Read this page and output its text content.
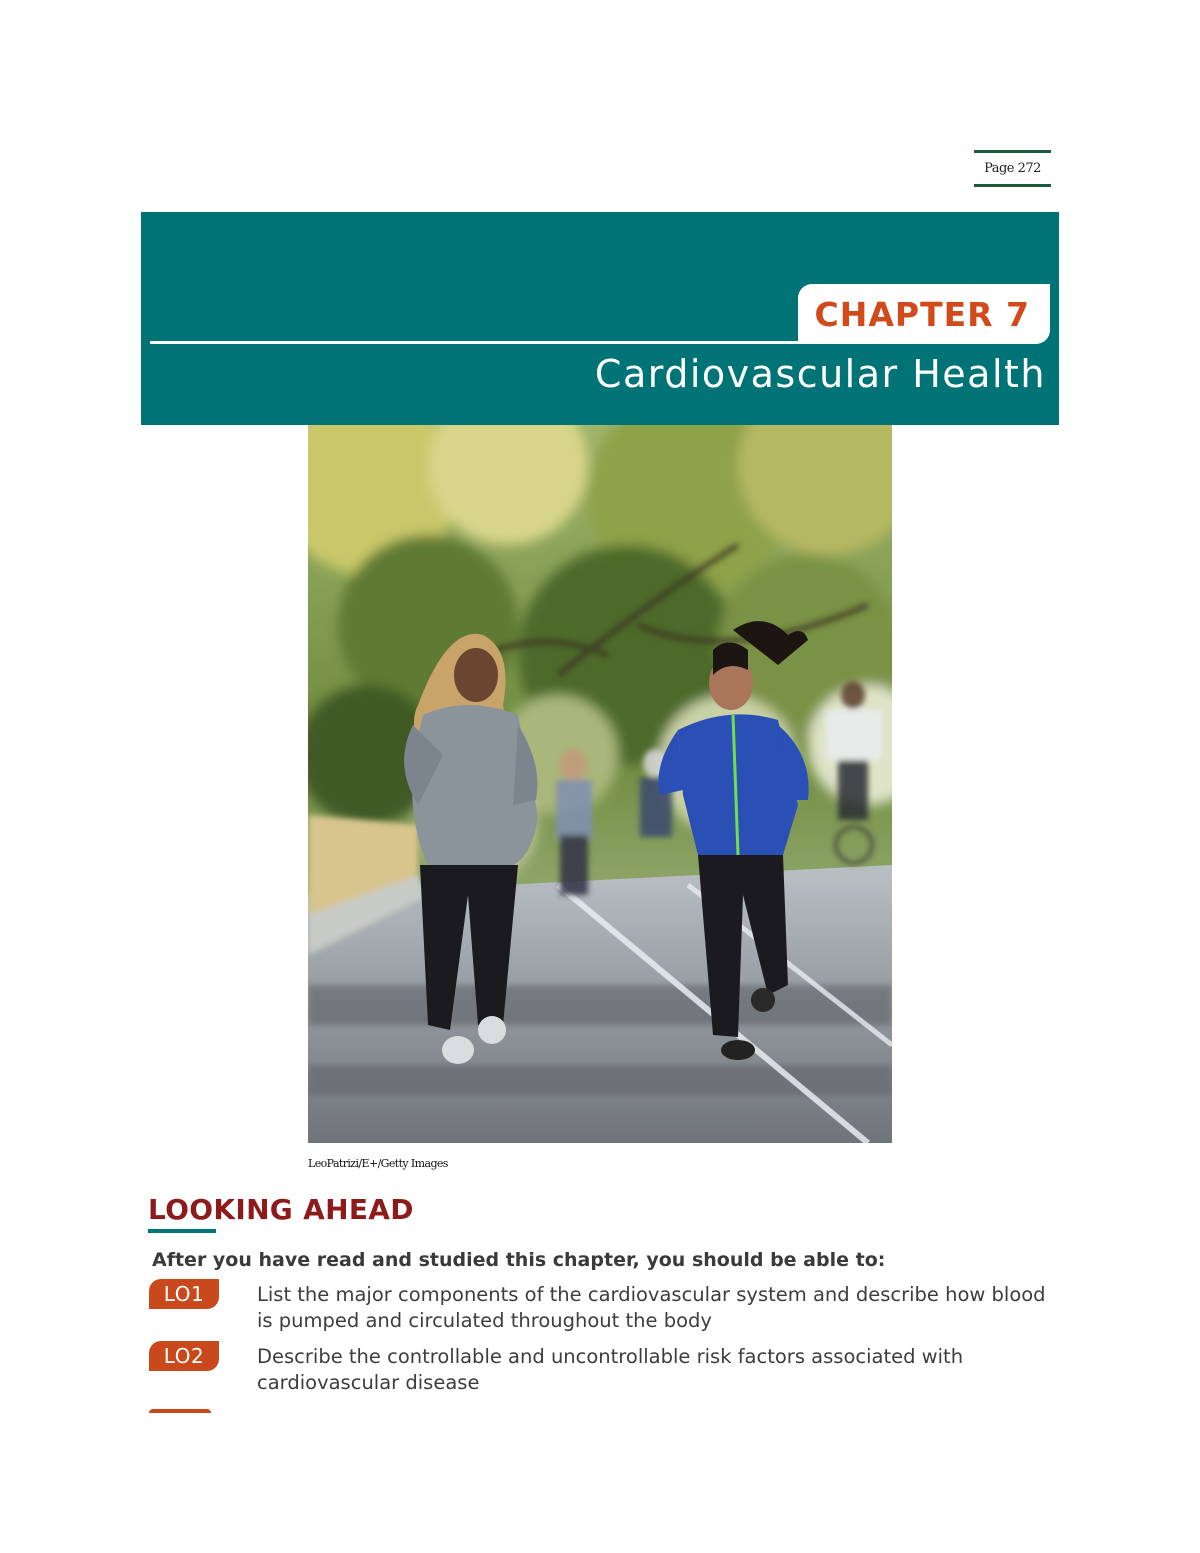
Page 272
CHAPTER 7
Cardiovascular Health
LeoPatrizi/E+/Getty Images
LOOKING AHEAD
After you have read and studied this chapter, you should be able to:
LO1	List the major components of the cardiovascular system and describe how blood is pumped and circulated throughout the body
LO2	Describe the controllable and uncontrollable risk factors associated with cardiovascular disease
